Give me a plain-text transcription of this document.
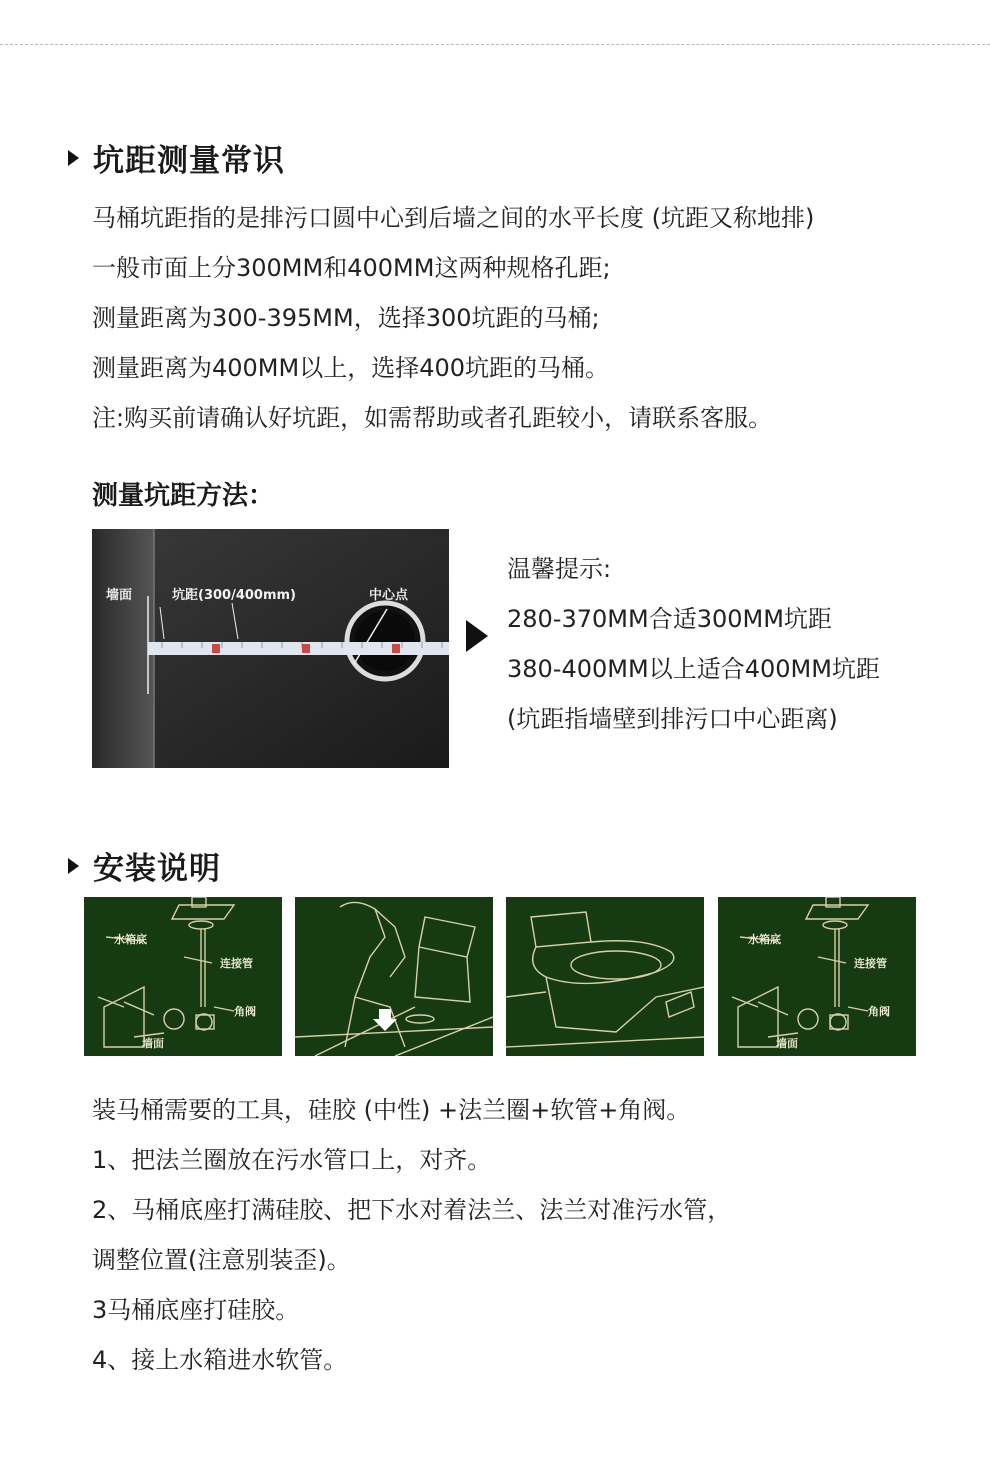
坑距测量常识
马桶坑距指的是排污口圆中心到后墙之间的水平长度 (坑距又称地排)
一般市面上分300MM和400MM这两种规格孔距;
测量距离为300-395MM，选择300坑距的马桶;
测量距离为400MM以上，选择400坑距的马桶。
注:购买前请确认好坑距，如需帮助或者孔距较小，请联系客服。
测量坑距方法：
墙面	坑距(300/400mm)	中心点
温馨提示:
280-370MM合适300MM坑距
380-400MM以上适合400MM坑距
(坑距指墙壁到排污口中心距离)
安装说明
水箱底
连接管
角阀
墙面
水箱底
连接管
角阀
墙面
装马桶需要的工具，硅胶 (中性) +法兰圈+软管+角阀。
1、把法兰圈放在污水管口上，对齐。
2、马桶底座打满硅胶、把下水对着法兰、法兰对准污水管，
调整位置(注意别装歪)。
3马桶底座打硅胶。
4、接上水箱进水软管。
